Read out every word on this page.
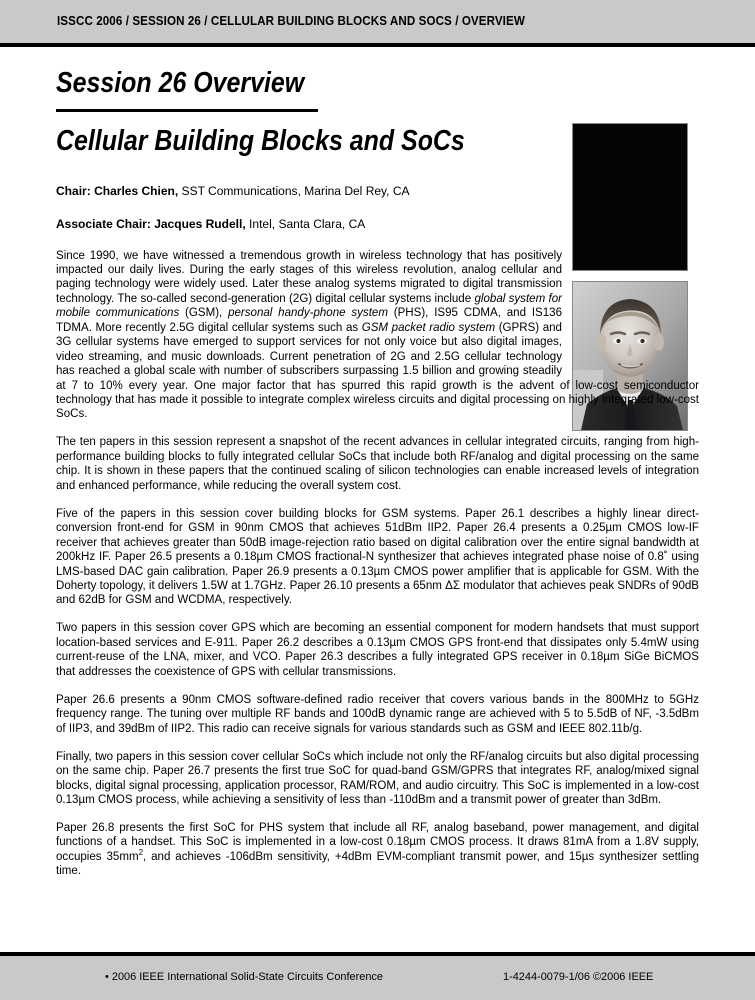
ISSCC 2006 / SESSION 26 / CELLULAR BUILDING BLOCKS AND SOCS / OVERVIEW
Session 26 Overview
Cellular Building Blocks and SoCs
Chair: Charles Chien, SST Communications, Marina Del Rey, CA
Associate Chair: Jacques Rudell, Intel, Santa Clara, CA

Since 1990, we have witnessed a tremendous growth in wireless technology that has positively impacted our daily lives. During the early stages of this wireless revolution, analog cellular and paging technology were widely used. Later these analog systems migrated to digital transmission technology. The so-called second-generation (2G) digital cellular systems include global system for mobile communications (GSM), personal handy-phone system (PHS), IS95 CDMA, and IS136 TDMA. More recently 2.5G digital cellular systems such as GSM packet radio system (GPRS) and 3G cellular systems have emerged to support services for not only voice but also digital images, video streaming, and music downloads. Current penetration of 2G and 2.5G cellular technology has reached a global scale with number of subscribers surpassing 1.5 billion and growing steadily at 7 to 10% every year. One major factor that has spurred this rapid growth is the advent of low-cost semiconductor technology that has made it possible to integrate complex wireless circuits and digital processing on highly integrated low-cost SoCs.

The ten papers in this session represent a snapshot of the recent advances in cellular integrated circuits, ranging from high-performance building blocks to fully integrated cellular SoCs that include both RF/analog and digital processing on the same chip. It is shown in these papers that the continued scaling of silicon technologies can enable increased levels of integration and enhanced performance, while reducing the overall system cost.

Five of the papers in this session cover building blocks for GSM systems. Paper 26.1 describes a highly linear direct-conversion front-end for GSM in 90nm CMOS that achieves 51dBm IIP2. Paper 26.4 presents a 0.25µm CMOS low-IF receiver that achieves greater than 50dB image-rejection ratio based on digital calibration over the entire signal bandwidth at 200kHz IF. Paper 26.5 presents a 0.18µm CMOS fractional-N synthesizer that achieves integrated phase noise of 0.8˚ using LMS-based DAC gain calibration. Paper 26.9 presents a 0.13µm CMOS power amplifier that is applicable for GSM. With the Doherty topology, it delivers 1.5W at 1.7GHz. Paper 26.10 presents a 65nm ΔΣ modulator that achieves peak SNDRs of 90dB and 62dB for GSM and WCDMA, respectively.

Two papers in this session cover GPS which are becoming an essential component for modern handsets that must support location-based services and E-911. Paper 26.2 describes a 0.13µm CMOS GPS front-end that dissipates only 5.4mW using current-reuse of the LNA, mixer, and VCO. Paper 26.3 describes a fully integrated GPS receiver in 0.18µm SiGe BiCMOS that addresses the coexistence of GPS with cellular transmissions.

Paper 26.6 presents a 90nm CMOS software-defined radio receiver that covers various bands in the 800MHz to 5GHz frequency range. The tuning over multiple RF bands and 100dB dynamic range are achieved with 5 to 5.5dB of NF, -3.5dBm of IIP3, and 39dBm of IIP2. This radio can receive signals for various standards such as GSM and IEEE 802.11b/g.

Finally, two papers in this session cover cellular SoCs which include not only the RF/analog circuits but also digital processing on the same chip. Paper 26.7 presents the first true SoC for quad-band GSM/GPRS that integrates RF, analog/mixed signal blocks, digital signal processing, application processor, RAM/ROM, and audio circuitry. This SoC is implemented in a low-cost 0.13µm CMOS process, while achieving a sensitivity of less than -110dBm and a transmit power of greater than 3dBm.

Paper 26.8 presents the first SoC for PHS system that include all RF, analog baseband, power management, and digital functions of a handset. This SoC is implemented in a low-cost 0.18µm CMOS process. It draws 81mA from a 1.8V supply, occupies $35mm^2$, and achieves -106dBm sensitivity, +4dBm EVM-compliant transmit power, and 15µs synthesizer settling time.

• 2006 IEEE International Solid-State Circuits Conference	1-4244-0079-1/06 ©2006 IEEE
